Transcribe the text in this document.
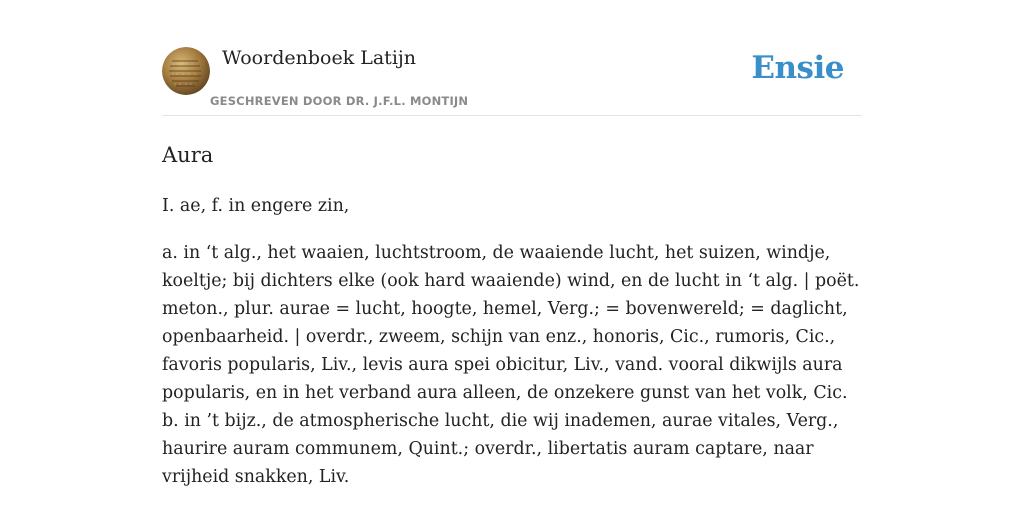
Woordenboek Latijn
GESCHREVEN DOOR DR. J.F.L. MONTIJN
Ensie
Aura

I. ae, f. in engere zin,

a. in ‘t alg., het waaien, luchtstroom, de waaiende lucht, het suizen, windje, koeltje; bij dichters elke (ook hard waaiende) wind, en de lucht in ‘t alg. | poët. meton., plur. aurae = lucht, hoogte, hemel, Verg.; = bovenwereld; = daglicht, openbaarheid. | overdr., zweem, schijn van enz., honoris, Cic., rumoris, Cic., favoris popularis, Liv., levis aura spei obicitur, Liv., vand. vooral dikwijls aura popularis, en in het verband aura alleen, de onzekere gunst van het volk, Cic.

b. in ’t bijz., de atmospherische lucht, die wij inademen, aurae vitales, Verg., haurire auram communem, Quint.; overdr., libertatis auram captare, naar vrijheid snakken, Liv.
